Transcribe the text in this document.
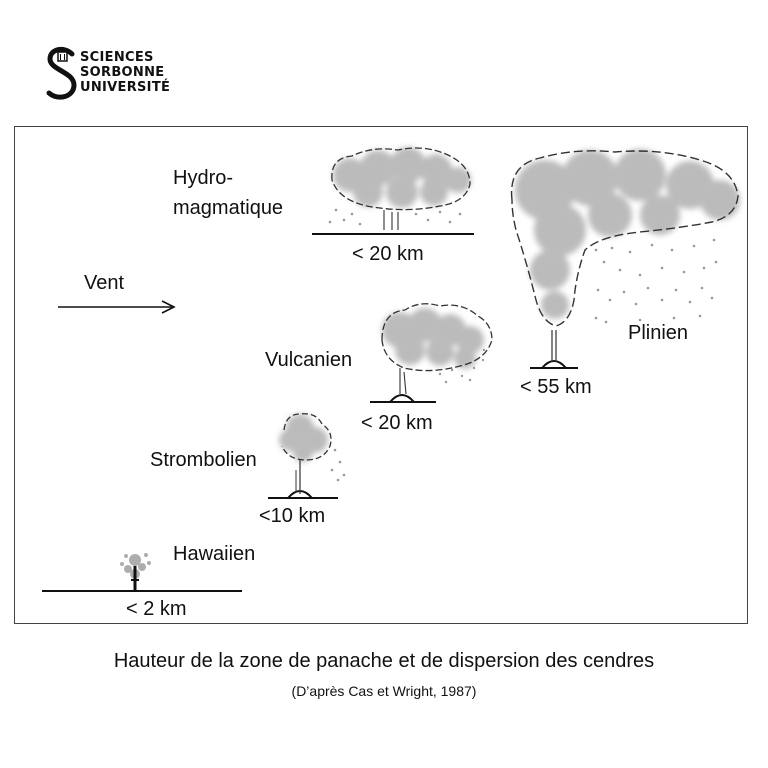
SCIENCES
SORBONNE
UNIVERSITÉ
Vent
Hawaiien
< 2 km
Strombolien
<10 km
Vulcanien
< 20 km
Hydro-
magmatique
< 20 km
Plinien
< 55 km
Hauteur de la zone de panache et de dispersion des cendres
(D’après Cas et Wright, 1987)
